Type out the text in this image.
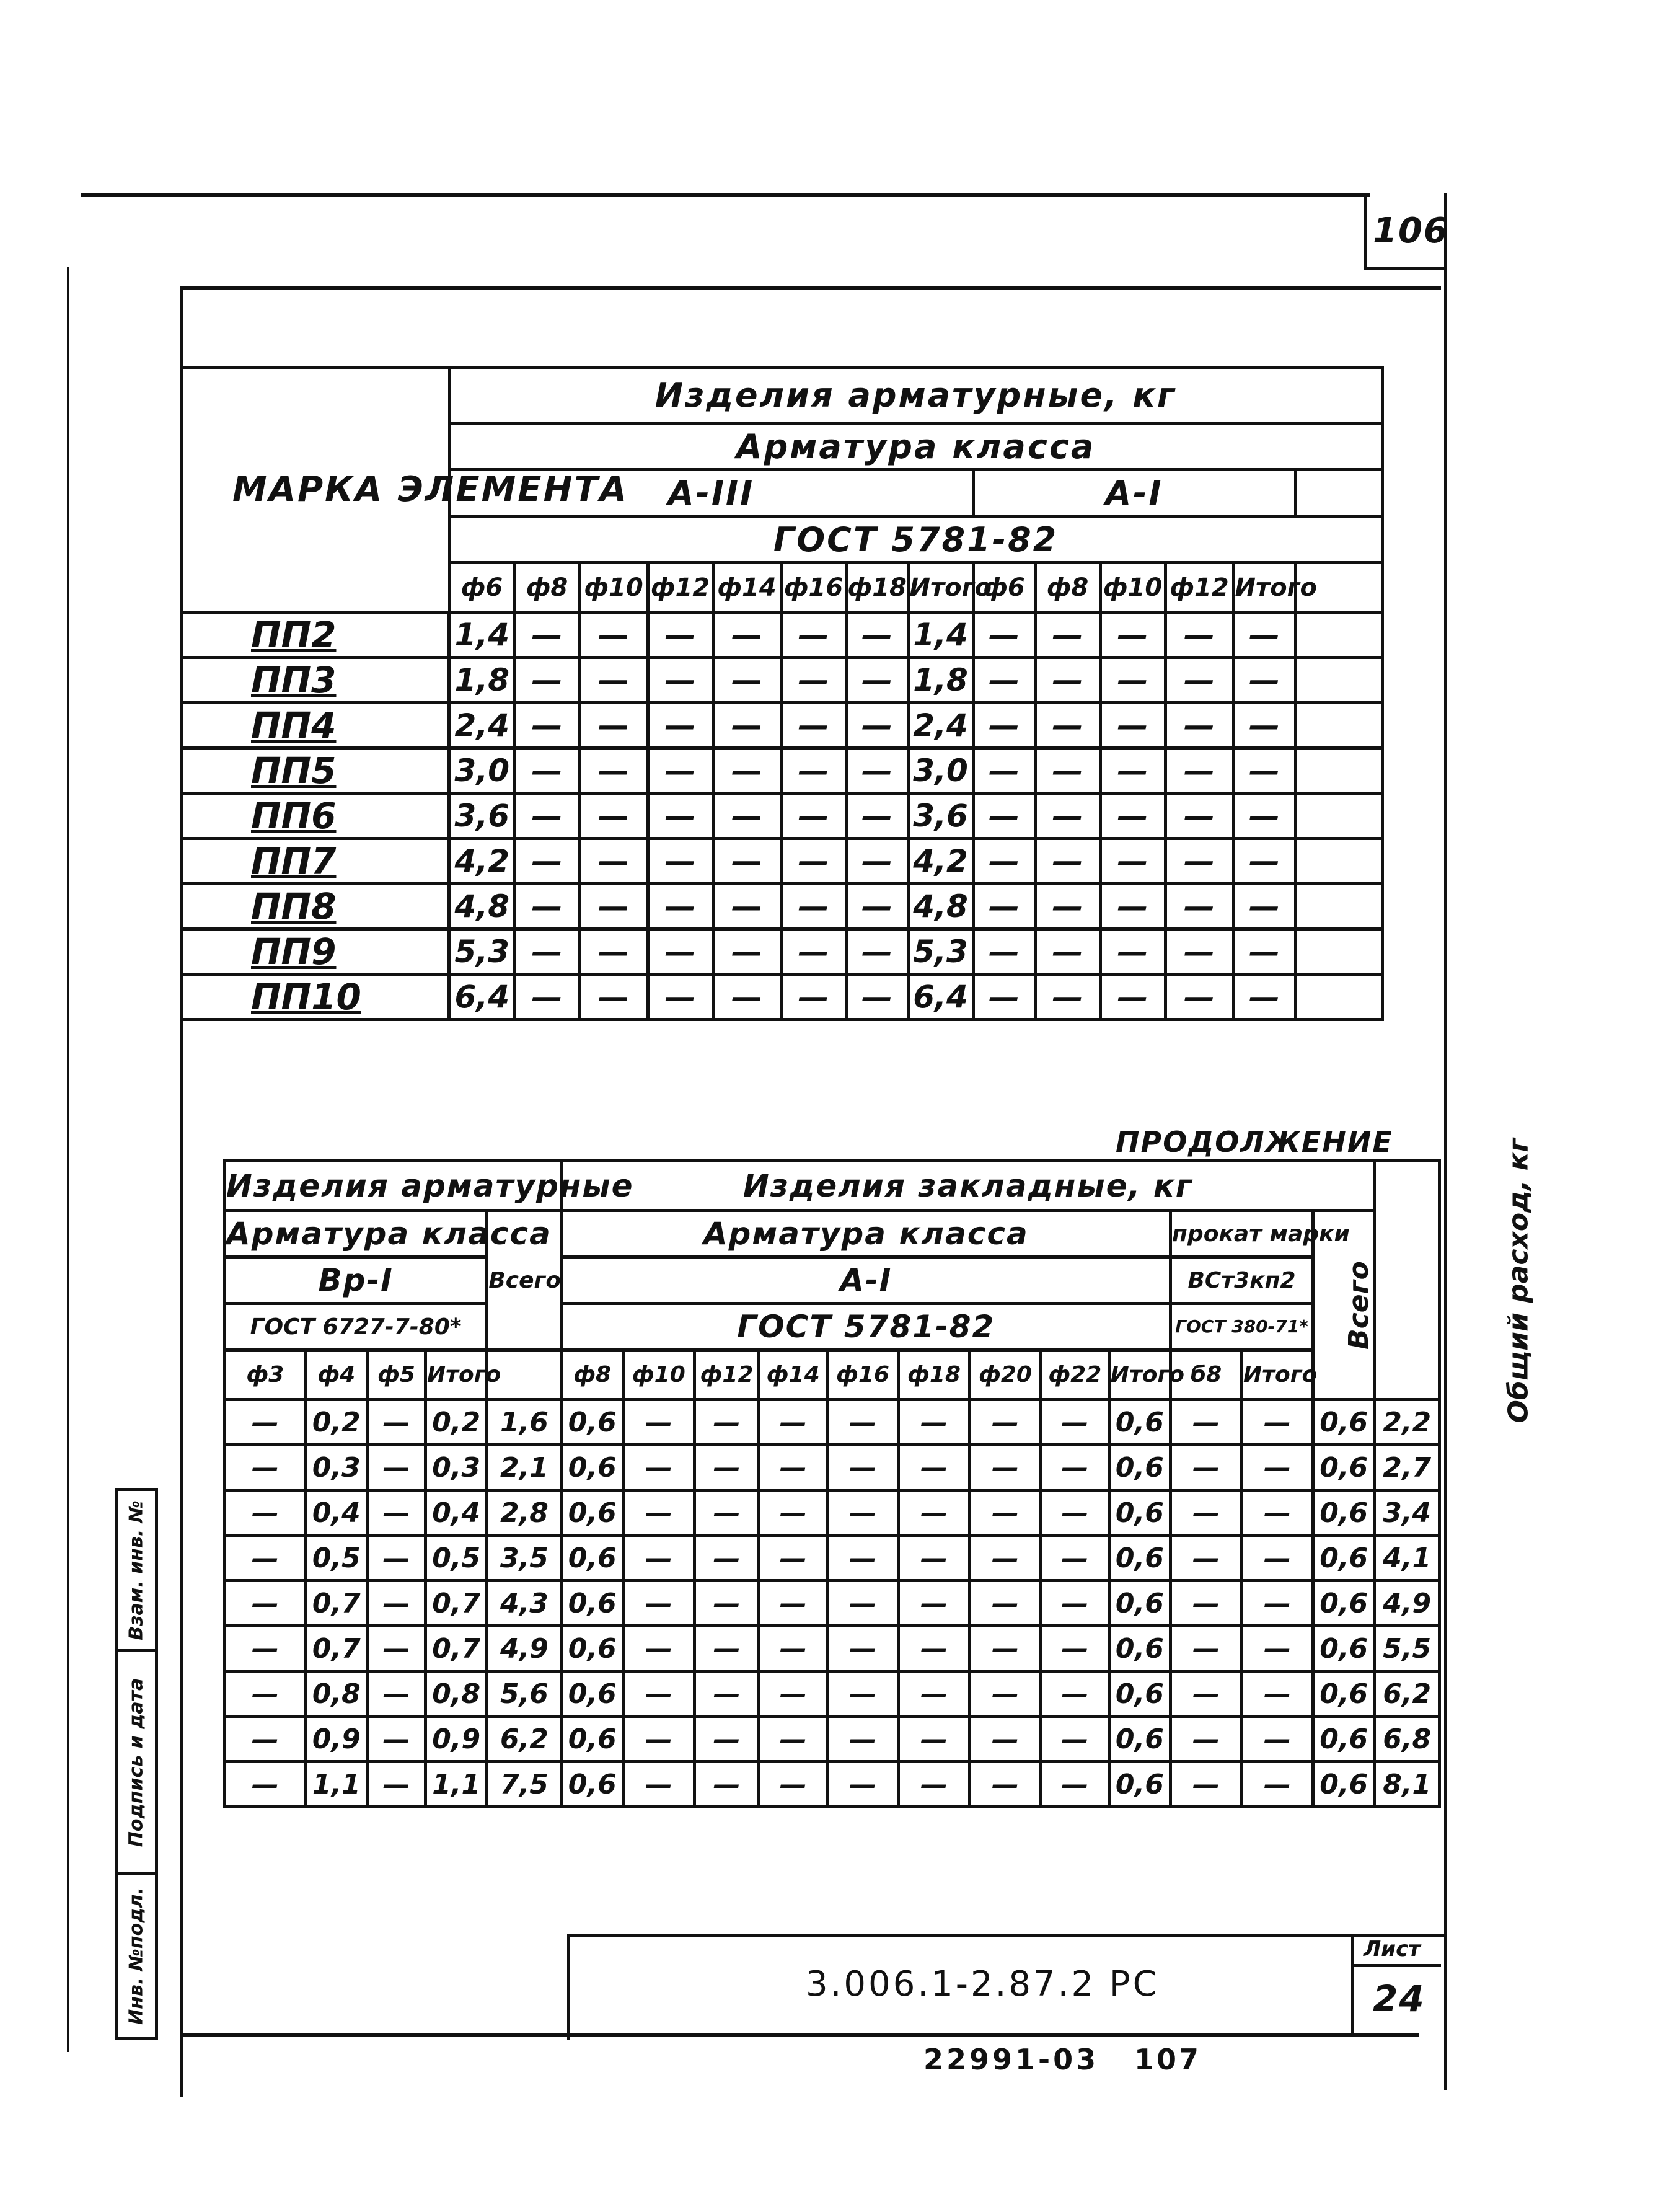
106
МАРКА ЭЛЕМЕНТА	Изделия арматурные, кг													
	Арматура класса													
	А-III								А-I					
	ГОСТ 5781-82													
	ф6	ф8	ф10	ф12	ф14	ф16	ф18	Итого	ф6	ф8	ф10	ф12	Итого	
ПП2	1,4	—	—	—	—	—	—	1,4	—	—	—	—	—	
ПП3	1,8	—	—	—	—	—	—	1,8	—	—	—	—	—	
ПП4	2,4	—	—	—	—	—	—	2,4	—	—	—	—	—	
ПП5	3,0	—	—	—	—	—	—	3,0	—	—	—	—	—	
ПП6	3,6	—	—	—	—	—	—	3,6	—	—	—	—	—	
ПП7	4,2	—	—	—	—	—	—	4,2	—	—	—	—	—	
ПП8	4,8	—	—	—	—	—	—	4,8	—	—	—	—	—	
ПП9	5,3	—	—	—	—	—	—	5,3	—	—	—	—	—	
ПП10	6,4	—	—	—	—	—	—	6,4	—	—	—	—	—	
ПРОДОЛЖЕНИЕ
Изделия арматурные					Изделия закладные, кг												Общий расход, кг
Арматура класса				Всего	Арматура класса									прокат марки		Всего	
Вр-I					А-I									ВСт3кп2			
ГОСТ 6727-7-80*					ГОСТ 5781-82									ГОСТ 380-71*			
ф3	ф4	ф5	Итого		ф8	ф10	ф12	ф14	ф16	ф18	ф20	ф22	Итого	б8	Итого		
—	0,2	—	0,2	1,6	0,6	—	—	—	—	—	—	—	0,6	—	—	0,6	2,2
—	0,3	—	0,3	2,1	0,6	—	—	—	—	—	—	—	0,6	—	—	0,6	2,7
—	0,4	—	0,4	2,8	0,6	—	—	—	—	—	—	—	0,6	—	—	0,6	3,4
—	0,5	—	0,5	3,5	0,6	—	—	—	—	—	—	—	0,6	—	—	0,6	4,1
—	0,7	—	0,7	4,3	0,6	—	—	—	—	—	—	—	0,6	—	—	0,6	4,9
—	0,7	—	0,7	4,9	0,6	—	—	—	—	—	—	—	0,6	—	—	0,6	5,5
—	0,8	—	0,8	5,6	0,6	—	—	—	—	—	—	—	0,6	—	—	0,6	6,2
—	0,9	—	0,9	6,2	0,6	—	—	—	—	—	—	—	0,6	—	—	0,6	6,8
—	1,1	—	1,1	7,5	0,6	—	—	—	—	—	—	—	0,6	—	—	0,6	8,1
Инв. №подл.
Подпись и дата
Взам. инв. №
3.006.1-2.87.2 РС
Лист
24
22991-03 107
